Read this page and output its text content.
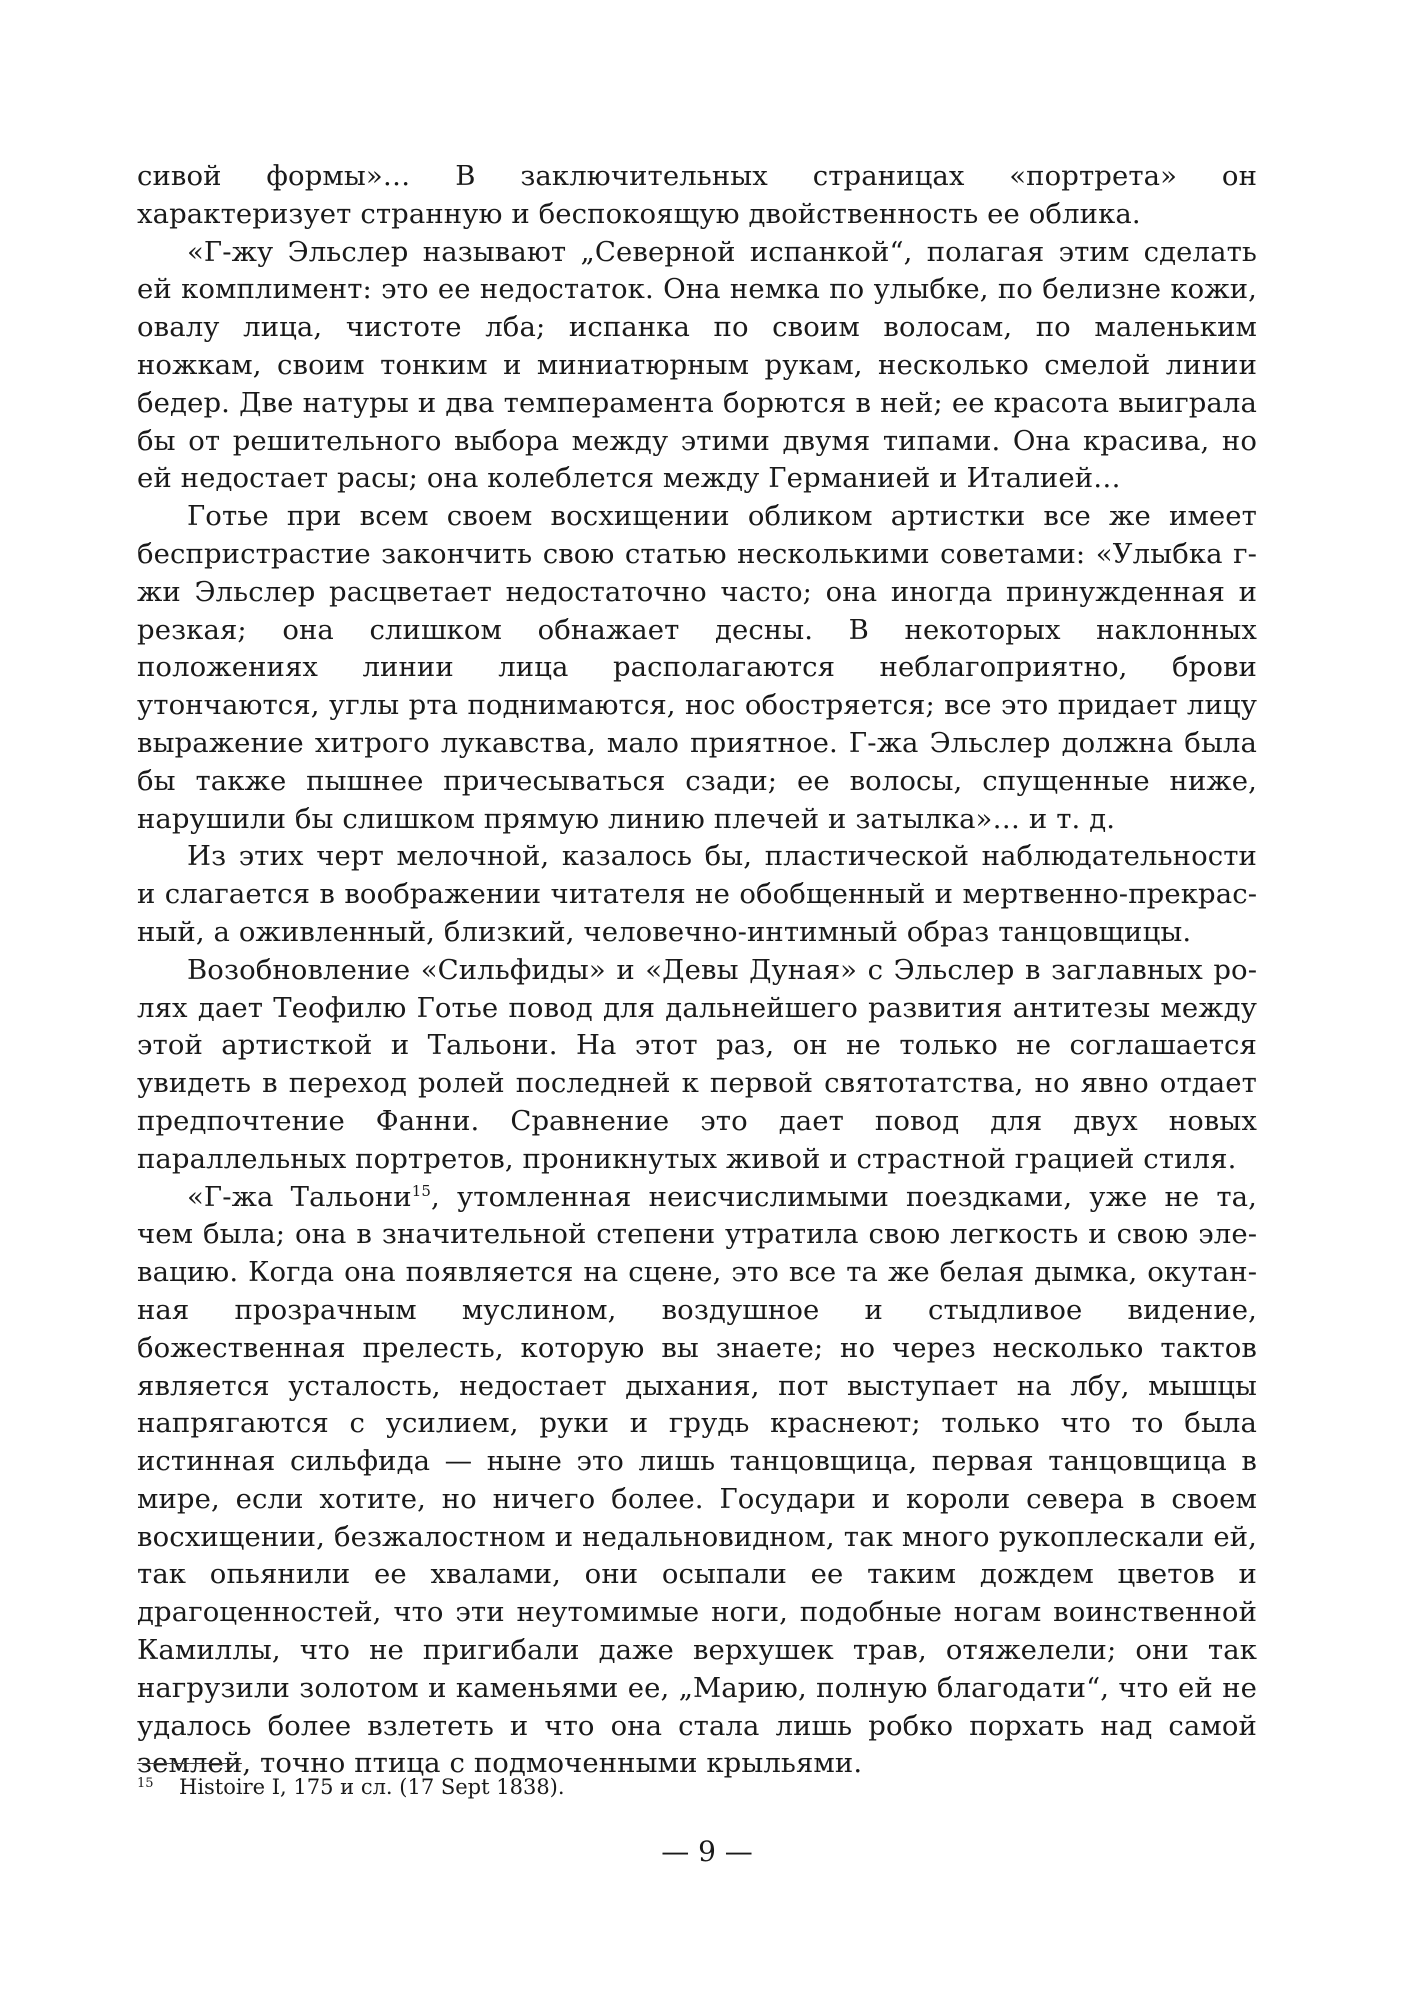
сивой формы»… В заключительных страницах «портрета» он характеризует странную и беспокоящую двойственность ее облика.

«Г-жу Эльслер называют „Северной испанкой“, полагая этим сделать ей комплимент: это ее недостаток. Она немка по улыбке, по белизне кожи, овалу лица, чистоте лба; испанка по своим волосам, по маленьким ножкам, своим тонким и миниатюрным рукам, несколько смелой линии бедер. Две натуры и два темперамента борются в ней; ее красота выиграла бы от решительного выбора между этими двумя типами. Она красива, но ей недостает расы; она колеблется между Германией и Италией…

Готье при всем своем восхищении обликом артистки все же имеет беспристрастие закончить свою статью несколькими советами: «Улыбка г-жи Эльслер расцветает недостаточно часто; она иногда принужденная и резкая; она слишком обнажает десны. В некоторых наклонных положениях линии лица располагаются неблагоприятно, брови утончаются, углы рта поднимаются, нос обостряется; все это придает лицу выражение хитрого лукавства, мало приятное. Г-жа Эльслер должна была бы также пышнее причесываться сзади; ее волосы, спущенные ниже, нарушили бы слишком прямую линию плечей и затылка»… и т. д.

Из этих черт мелочной, казалось бы, пластической наблюдательности и слагается в воображении читателя не обобщенный и мертвенно-прекрасный, а оживленный, близкий, человечно-интимный образ танцовщицы.

Возобновление «Сильфиды» и «Девы Дуная» с Эльслер в заглавных ролях дает Теофилю Готье повод для дальнейшего развития антитезы между этой артисткой и Тальони. На этот раз, он не только не соглашается увидеть в переход ролей последней к первой святотатства, но явно отдает предпочтение Фанни. Сравнение это дает повод для двух новых параллельных портретов, проникнутых живой и страстной грацией стиля.

«Г-жа Тальони$^{15}$, утомленная неисчислимыми поездками, уже не та, чем была; она в значительной степени утратила свою легкость и свою элевацию. Когда она появляется на сцене, это все та же белая дымка, окутанная прозрачным муслином, воздушное и стыдливое видение, божественная прелесть, которую вы знаете; но через несколько тактов является усталость, недостает дыхания, пот выступает на лбу, мышцы напрягаются с усилием, руки и грудь краснеют; только что то была истинная сильфида — ныне это лишь танцовщица, первая танцовщица в мире, если хотите, но ничего более. Государи и короли севера в своем восхищении, безжалостном и недальновидном, так много рукоплескали ей, так опьянили ее хвалами, они осыпали ее таким дождем цветов и драгоценностей, что эти неутомимые ноги, подобные ногам воинственной Камиллы, что не пригибали даже верхушек трав, отяжелели; они так нагрузили золотом и каменьями ее, „Марию, полную благодати“, что ей не удалось более взлететь и что она стала лишь робко порхать над самой землей, точно птица с подмоченными крыльями.

15 Histoire I, 175 и сл. (17 Sept 1838).
— 9 —
